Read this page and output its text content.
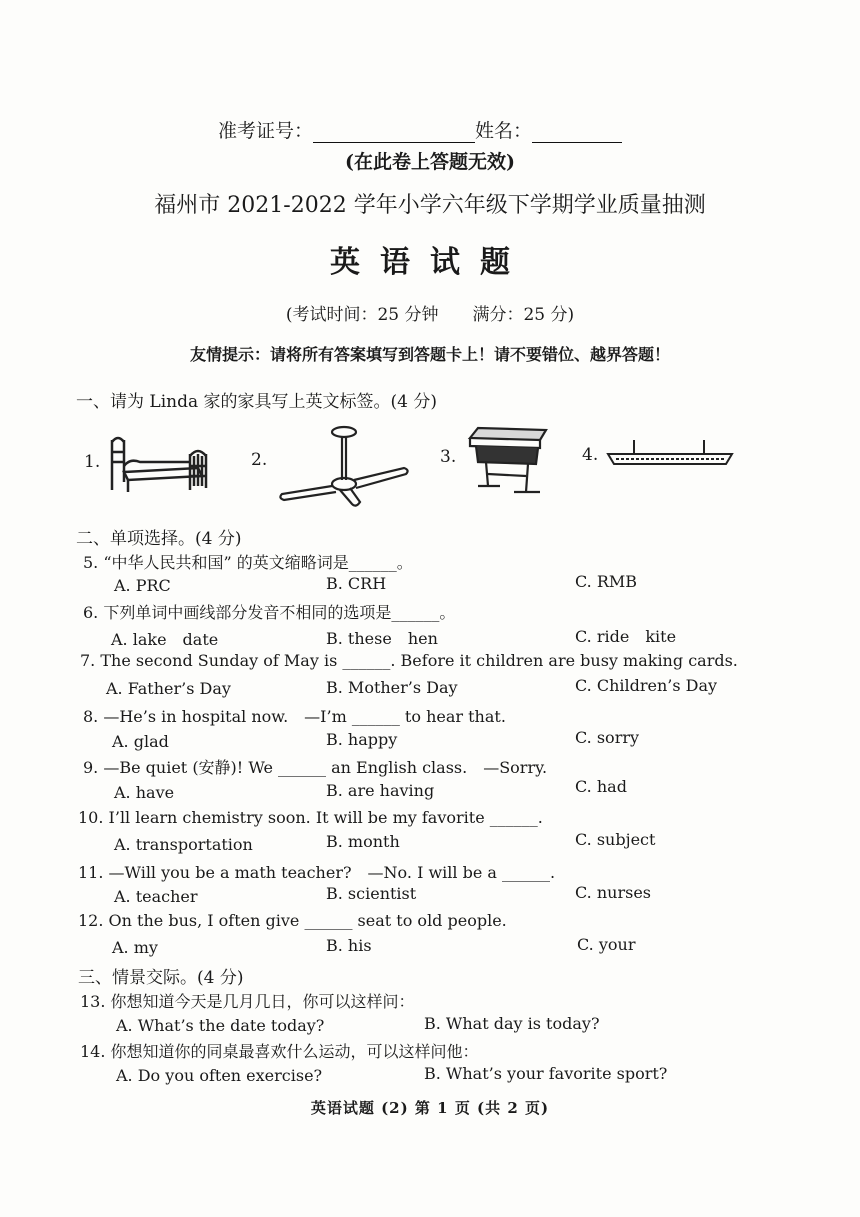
准考证号：	姓名：
(在此卷上答题无效)
福州市 2021-2022 学年小学六年级下学期学业质量抽测
英语试题
(考试时间：25 分钟　　满分：25 分)
友情提示：请将所有答案填写到答题卡上！请不要错位、越界答题！
一、请为 Linda 家的家具写上英文标签。(4 分)
1.	2.	3.	4.
二、单项选择。(4 分)
5. “中华人民共和国” 的英文缩略词是______。
A. PRC	B. CRH	C. RMB
6. 下列单词中画线部分发音不相同的选项是______。
A. lake　date	B. these　hen	C. ride　kite
7. The second Sunday of May is ______. Before it children are busy making cards.
A. Father’s Day	B. Mother’s Day	C. Children’s Day
8. —He’s in hospital now.　—I’m ______ to hear that.
A. glad	B. happy	C. sorry
9. —Be quiet (安静)! We ______ an English class.　—Sorry.
A. have	B. are having	C. had
10. I’ll learn chemistry soon. It will be my favorite ______.
A. transportation	B. month	C. subject
11. —Will you be a math teacher?　—No. I will be a ______.
A. teacher	B. scientist	C. nurses
12. On the bus, I often give ______ seat to old people.
A. my	B. his	C. your
三、情景交际。(4 分)
13. 你想知道今天是几月几日，你可以这样问：
A. What’s the date today?	B. What day is today?
14. 你想知道你的同桌最喜欢什么运动，可以这样问他：
A. Do you often exercise?	B. What’s your favorite sport?
英语试题 (2) 第 1 页 (共 2 页)
